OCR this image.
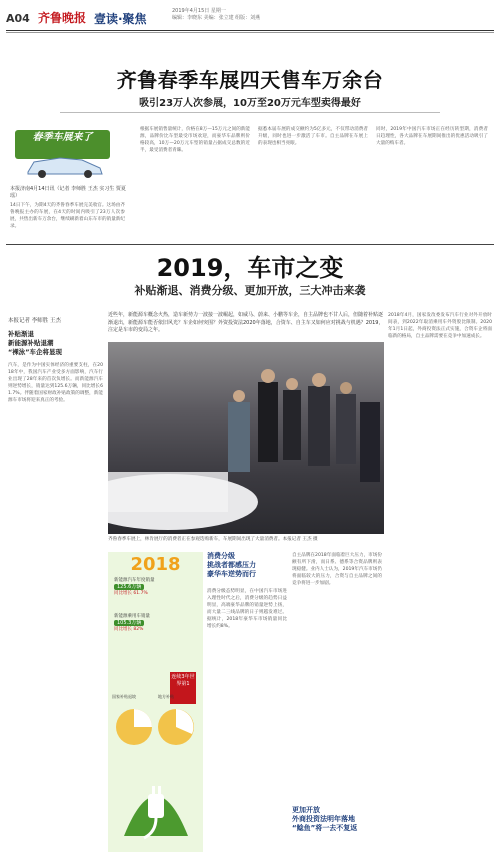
A04 齐鲁晚报 壹读·聚焦
2019年4月15日 星期一
编辑：李晓东 美编：张立建 组版：刘燕
齐鲁春季车展四天售车万余台
吸引23万人次参展，10万至20万元车型卖得最好
春季车展来了
本报济南4月14日讯（记者 李师胜 王杰 实习生 贾夏瑶）
14日下午，为期4天的齐鲁春季车展完美收官。这场由齐鲁晚报主办的车展，在4天的时间内吸引了23万人次参展，共售出新车万余台，继续刷新着山东车市的销量新纪录。
根据车展销售量统计，价格在8万—15万元之间的新能源，品牌价比车型最受市场欢迎，而豪华车品牌则价格较高，10万—20万元车型的销量占据成交总数的近半，最受消费者青睐。
据悉本届车展的成交额约为5亿多元，不仅带动消费者升级，同时也进一步激活了车市。自主品牌在车展上的表现也相当亮眼。
同时，2019年中国汽车市场正在经历转型期，消费者日趋理性，各大品牌在车展期间推出的优惠活动吸引了大量的购车者。
2019，车市之变
补贴渐退、消费分级、更加开放，三大冲击来袭
本报记者 李师胜 王杰
补贴渐退
新能源补贴退潮
“裸泳”车企将显现
汽车，是作为中国实体经济的重要支柱，在2018年中，我国汽车产业受多方面影响，汽车行业出现了28年来的首次负增长。而新能源汽车则逆势增长，销量达到125.6万辆，同比增长61.7%。伴随着国家财政补贴政策的调整，新能源车市场将迎来真正的考验。
近些年，新能源车概念火热，造车新势力一波接一波崛起，如威马、蔚来、小鹏等车企，自主品牌也不甘人后，但随着补贴逐渐退出，新能源车能否依旧风光？车企如何突围？外资投资法2020年落地，合资车、自主车又如何应对挑战与机遇？2019，注定是车市的变局之年。
齐鲁春季车展上，林肯展厅的消费者正在参观选购新车，车展期间出现了大量消费者。本报记者 王杰 摄
2018
新能源汽车年度销量
125.6万辆
同比增长 61.7%
新能源乘用车销量
105.3万辆
同比增长 82%
连续3年世界第1
国家补贴退坡	地方补贴
消费分级
挑战者都感压力
豪华车逆势而行
消费分级态势明显，在中国汽车市场进入理性时代之后，消费分级的趋势日益明显，高端豪华品牌的销量逆势上扬，而大量二三线品牌的日子则越发难过。据统计，2018年豪华车市场销量同比增长约8%。
自主品牌在2018年面临着巨大压力，市场份额有所下滑，而日系、德系等合资品牌则表现稳健。业内人士认为，2019年汽车市场仍将面临较大的压力，合资与自主品牌之间的竞争将进一步加剧。
更加开放
外商投资法明年落地
“鲶鱼”将一去不复返
2018年4月，国家发改委发布汽车行业对外开放时间表，到2022年取消乘用车外资股比限制。2020年1月1日起，外商投资法正式实施，合资车企将面临新的格局，自主品牌需要在竞争中加速成长。
